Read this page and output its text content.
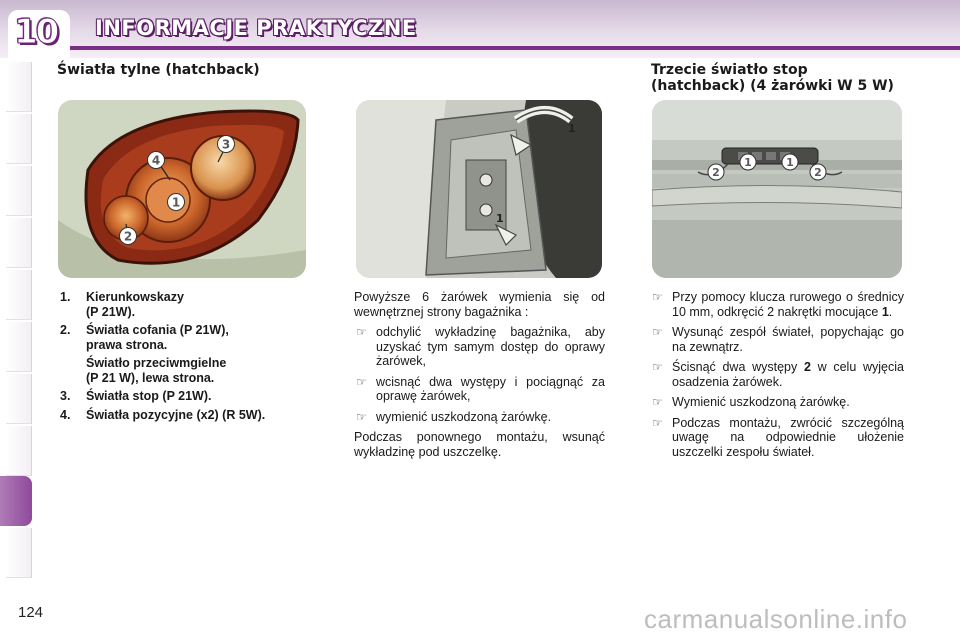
10 INFORMACJE PRAKTYCZNE
Światła tylne (hatchback)
4
3
1
2
1. Kierunkowskazy
(P 21W).
2. Światła cofania (P 21W),
prawa strona.
Światło przeciwmgielne
(P 21 W), lewa strona.
3. Światła stop (P 21W).
4. Światła pozycyjne (x2) (R 5W).
1
1

Powyższe 6 żarówek wymienia się od wewnętrznej strony bagażnika :

☞ odchylić wykładzinę bagażnika, aby uzyskać tym samym dostęp do oprawy żarówek,
☞ wcisnąć dwa występy i pociągnąć za oprawę żarówek,
☞ wymienić uszkodzoną żarówkę.

Podczas ponownego montażu, wsunąć wykładzinę pod uszczelkę.

Trzecie światło stop
(hatchback) (4 żarówki W 5 W)
2
1	1
2
☞ Przy pomocy klucza rurowego o średnicy 10 mm, odkręcić 2 nakrętki mocujące 1.
☞ Wysunąć zespół świateł, popychając go na zewnątrz.
☞ Ścisnąć dwa występy 2 w celu wyjęcia osadzenia żarówek.
☞ Wymienić uszkodzoną żarówkę.
☞ Podczas montażu, zwrócić szczególną uwagę na odpowiednie ułożenie uszczelki zespołu świateł.
124	carmanualsonline.info
